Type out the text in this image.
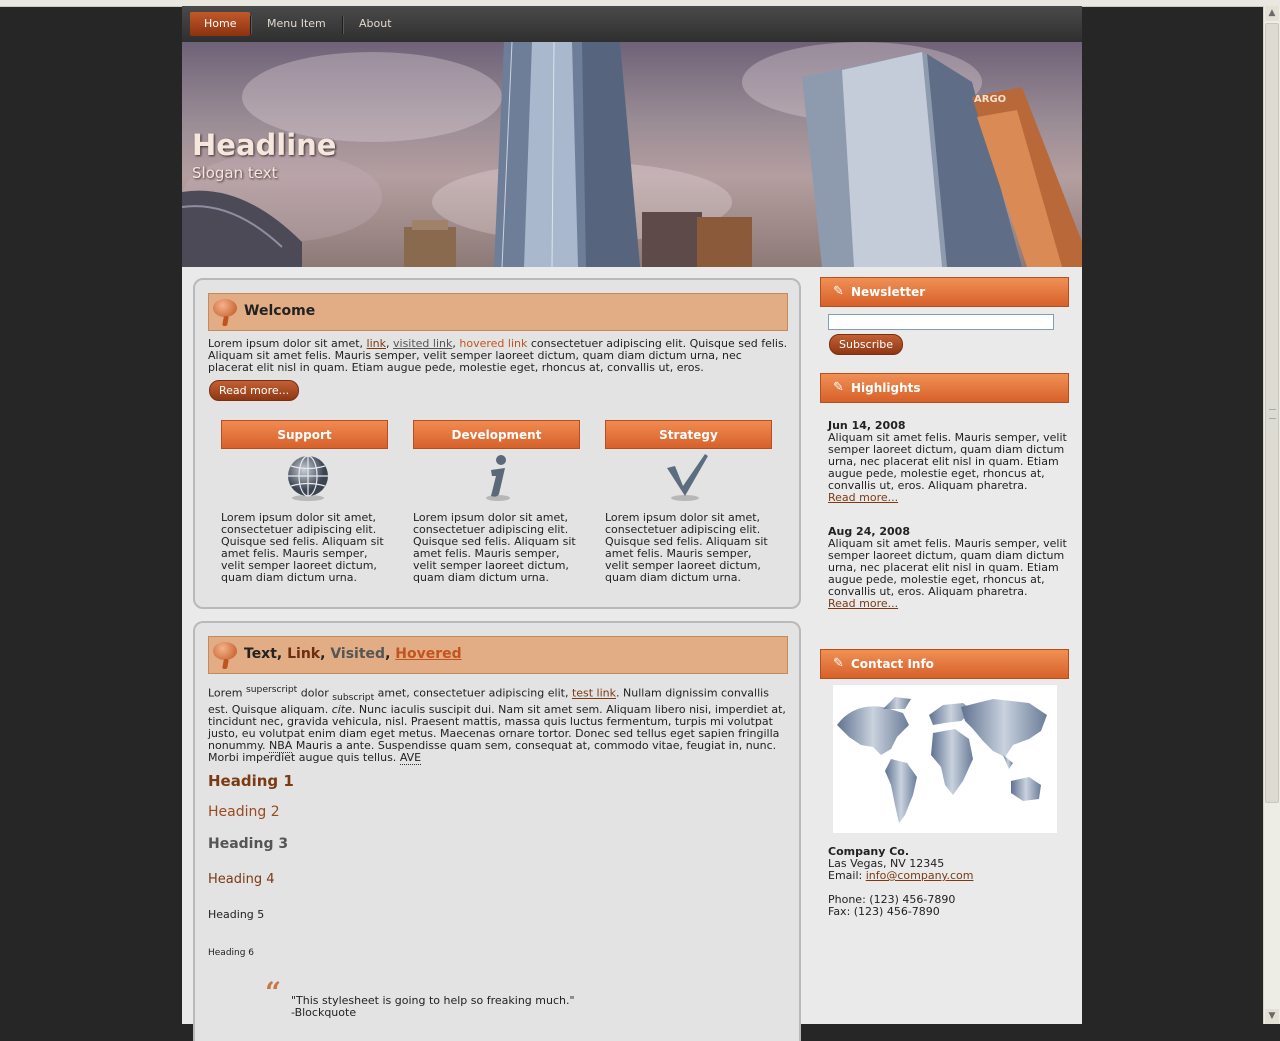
▲
▼
Home	Menu Item	About
ARGO
Headline
Slogan text
Welcome

Lorem ipsum dolor sit amet, link, visited link, hovered link consectetuer adipiscing elit. Quisque sed felis. Aliquam sit amet felis. Mauris semper, velit semper laoreet dictum, quam diam dictum urna, nec placerat elit nisl in quam. Etiam augue pede, molestie eget, rhoncus at, convallis ut, eros.

Read more...
Support	Development	Strategy

Lorem ipsum dolor sit amet, consectetuer adipiscing elit. Quisque sed felis. Aliquam sit amet felis. Mauris semper, velit semper laoreet dictum, quam diam dictum urna.

Lorem ipsum dolor sit amet, consectetuer adipiscing elit. Quisque sed felis. Aliquam sit amet felis. Mauris semper, velit semper laoreet dictum, quam diam dictum urna.

Lorem ipsum dolor sit amet, consectetuer adipiscing elit. Quisque sed felis. Aliquam sit amet felis. Mauris semper, velit semper laoreet dictum, quam diam dictum urna.

Text, Link, Visited, Hovered

Lorem $^{superscript}$ dolor $_{subscript}$ amet, consectetuer adipiscing elit, test link. Nullam dignissim convallis est. Quisque aliquam. cite. Nunc iaculis suscipit dui. Nam sit amet sem. Aliquam libero nisi, imperdiet at, tincidunt nec, gravida vehicula, nisl. Praesent mattis, massa quis luctus fermentum, turpis mi volutpat justo, eu volutpat enim diam eget metus. Maecenas ornare tortor. Donec sed tellus eget sapien fringilla nonummy. NBA Mauris a ante. Suspendisse quam sem, consequat at, commodo vitae, feugiat in, nunc. Morbi imperdiet augue quis tellus. AVE

Heading 1
Heading 2
Heading 3
Heading 4
Heading 5
Heading 6
“ "This stylesheet is going to help so freaking much."
-Blockquote

✎ Newsletter
Subscribe
✎ Highlights

Jun 14, 2008

Aliquam sit amet felis. Mauris semper, velit semper laoreet dictum, quam diam dictum urna, nec placerat elit nisl in quam. Etiam augue pede, molestie eget, rhoncus at, convallis ut, eros. Aliquam pharetra.

Read more...

Aug 24, 2008

Aliquam sit amet felis. Mauris semper, velit semper laoreet dictum, quam diam dictum urna, nec placerat elit nisl in quam. Etiam augue pede, molestie eget, rhoncus at, convallis ut, eros. Aliquam pharetra.

Read more...

✎ Contact Info

Company Co.

Las Vegas, NV 12345

Email: info@company.com

Phone: (123) 456-7890

Fax: (123) 456-7890
